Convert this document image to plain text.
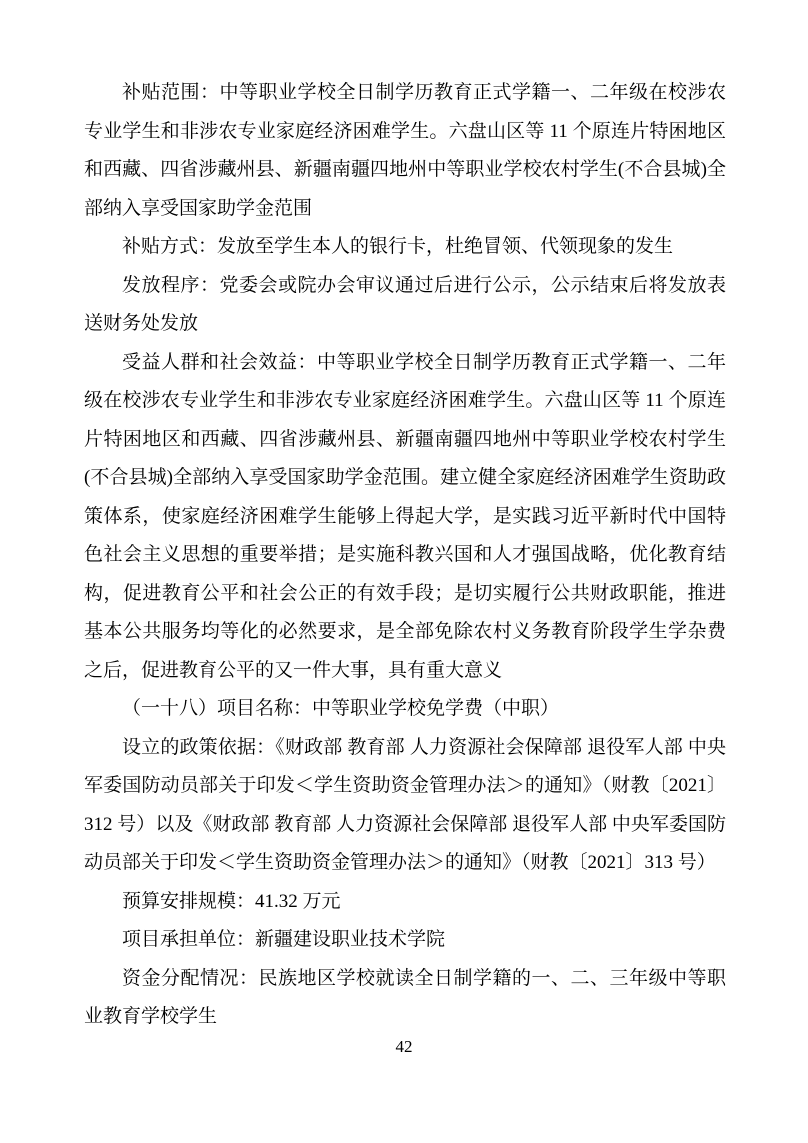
补贴范围：中等职业学校全日制学历教育正式学籍一、二年级在校涉农专业学生和非涉农专业家庭经济困难学生。六盘山区等 11 个原连片特困地区和西藏、四省涉藏州县、新疆南疆四地州中等职业学校农村学生(不合县城)全部纳入享受国家助学金范围

补贴方式：发放至学生本人的银行卡，杜绝冒领、代领现象的发生

发放程序：党委会或院办会审议通过后进行公示，公示结束后将发放表送财务处发放

受益人群和社会效益：中等职业学校全日制学历教育正式学籍一、二年级在校涉农专业学生和非涉农专业家庭经济困难学生。六盘山区等 11 个原连片特困地区和西藏、四省涉藏州县、新疆南疆四地州中等职业学校农村学生(不合县城)全部纳入享受国家助学金范围。建立健全家庭经济困难学生资助政策体系，使家庭经济困难学生能够上得起大学，是实践习近平新时代中国特色社会主义思想的重要举措；是实施科教兴国和人才强国战略，优化教育结构，促进教育公平和社会公正的有效手段；是切实履行公共财政职能，推进基本公共服务均等化的必然要求，是全部免除农村义务教育阶段学生学杂费之后，促进教育公平的又一件大事，具有重大意义

（一十八）项目名称：中等职业学校免学费（中职）

设立的政策依据：《财政部 教育部 人力资源社会保障部 退役军人部 中央军委国防动员部关于印发＜学生资助资金管理办法＞的通知》（财教〔2021〕312 号）以及《财政部 教育部 人力资源社会保障部 退役军人部 中央军委国防动员部关于印发＜学生资助资金管理办法＞的通知》（财教〔2021〕313 号）

预算安排规模：41.32 万元

项目承担单位：新疆建设职业技术学院

资金分配情况：民族地区学校就读全日制学籍的一、二、三年级中等职业教育学校学生

42
